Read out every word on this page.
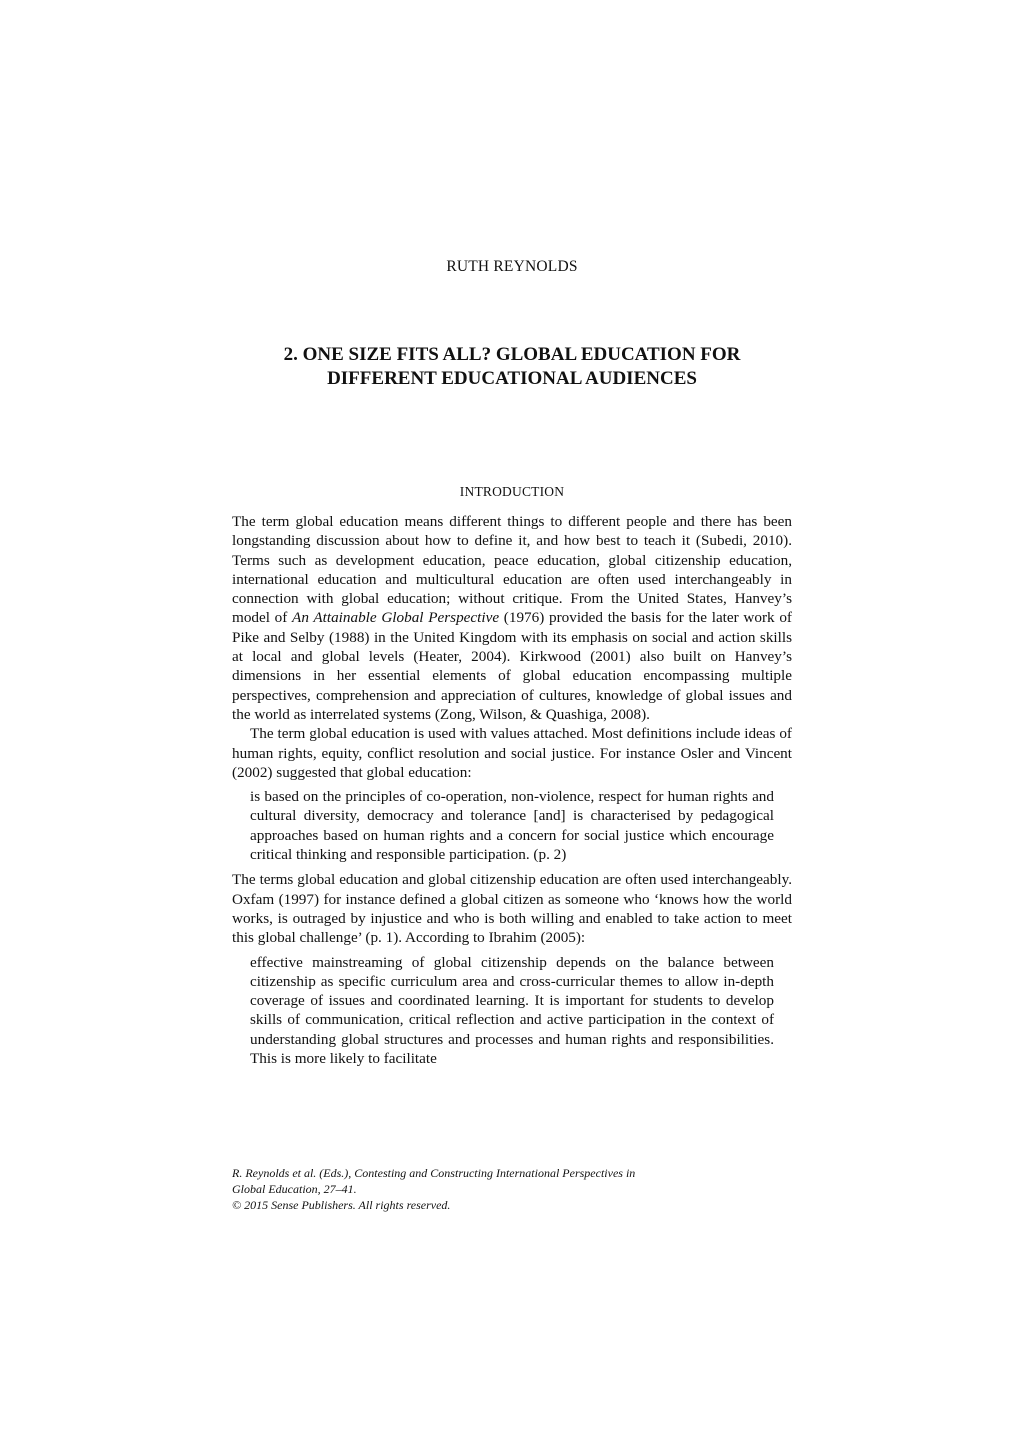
RUTH REYNOLDS
2. ONE SIZE FITS ALL? GLOBAL EDUCATION FOR
DIFFERENT EDUCATIONAL AUDIENCES
INTRODUCTION

The term global education means different things to different people and there has been longstanding discussion about how to define it, and how best to teach it (Subedi, 2010). Terms such as development education, peace education, global citizenship education, international education and multicultural education are often used interchangeably in connection with global education; without critique. From the United States, Hanvey’s model of An Attainable Global Perspective (1976) provided the basis for the later work of Pike and Selby (1988) in the United Kingdom with its emphasis on social and action skills at local and global levels (Heater, 2004). Kirkwood (2001) also built on Hanvey’s dimensions in her essential elements of global education encompassing multiple perspectives, comprehension and appreciation of cultures, knowledge of global issues and the world as interrelated systems (Zong, Wilson, & Quashiga, 2008).

The term global education is used with values attached. Most definitions include ideas of human rights, equity, conflict resolution and social justice. For instance Osler and Vincent (2002) suggested that global education:

is based on the principles of co-operation, non-violence, respect for human rights and cultural diversity, democracy and tolerance [and] is characterised by pedagogical approaches based on human rights and a concern for social justice which encourage critical thinking and responsible participation. (p. 2)

The terms global education and global citizenship education are often used interchangeably. Oxfam (1997) for instance defined a global citizen as someone who ‘knows how the world works, is outraged by injustice and who is both willing and enabled to take action to meet this global challenge’ (p. 1). According to Ibrahim (2005):

effective mainstreaming of global citizenship depends on the balance between citizenship as specific curriculum area and cross-curricular themes to allow in-depth coverage of issues and coordinated learning. It is important for students to develop skills of communication, critical reflection and active participation in the context of understanding global structures and processes and human rights and responsibilities. This is more likely to facilitate

R. Reynolds et al. (Eds.), Contesting and Constructing International Perspectives in
Global Education, 27–41.
© 2015 Sense Publishers. All rights reserved.
